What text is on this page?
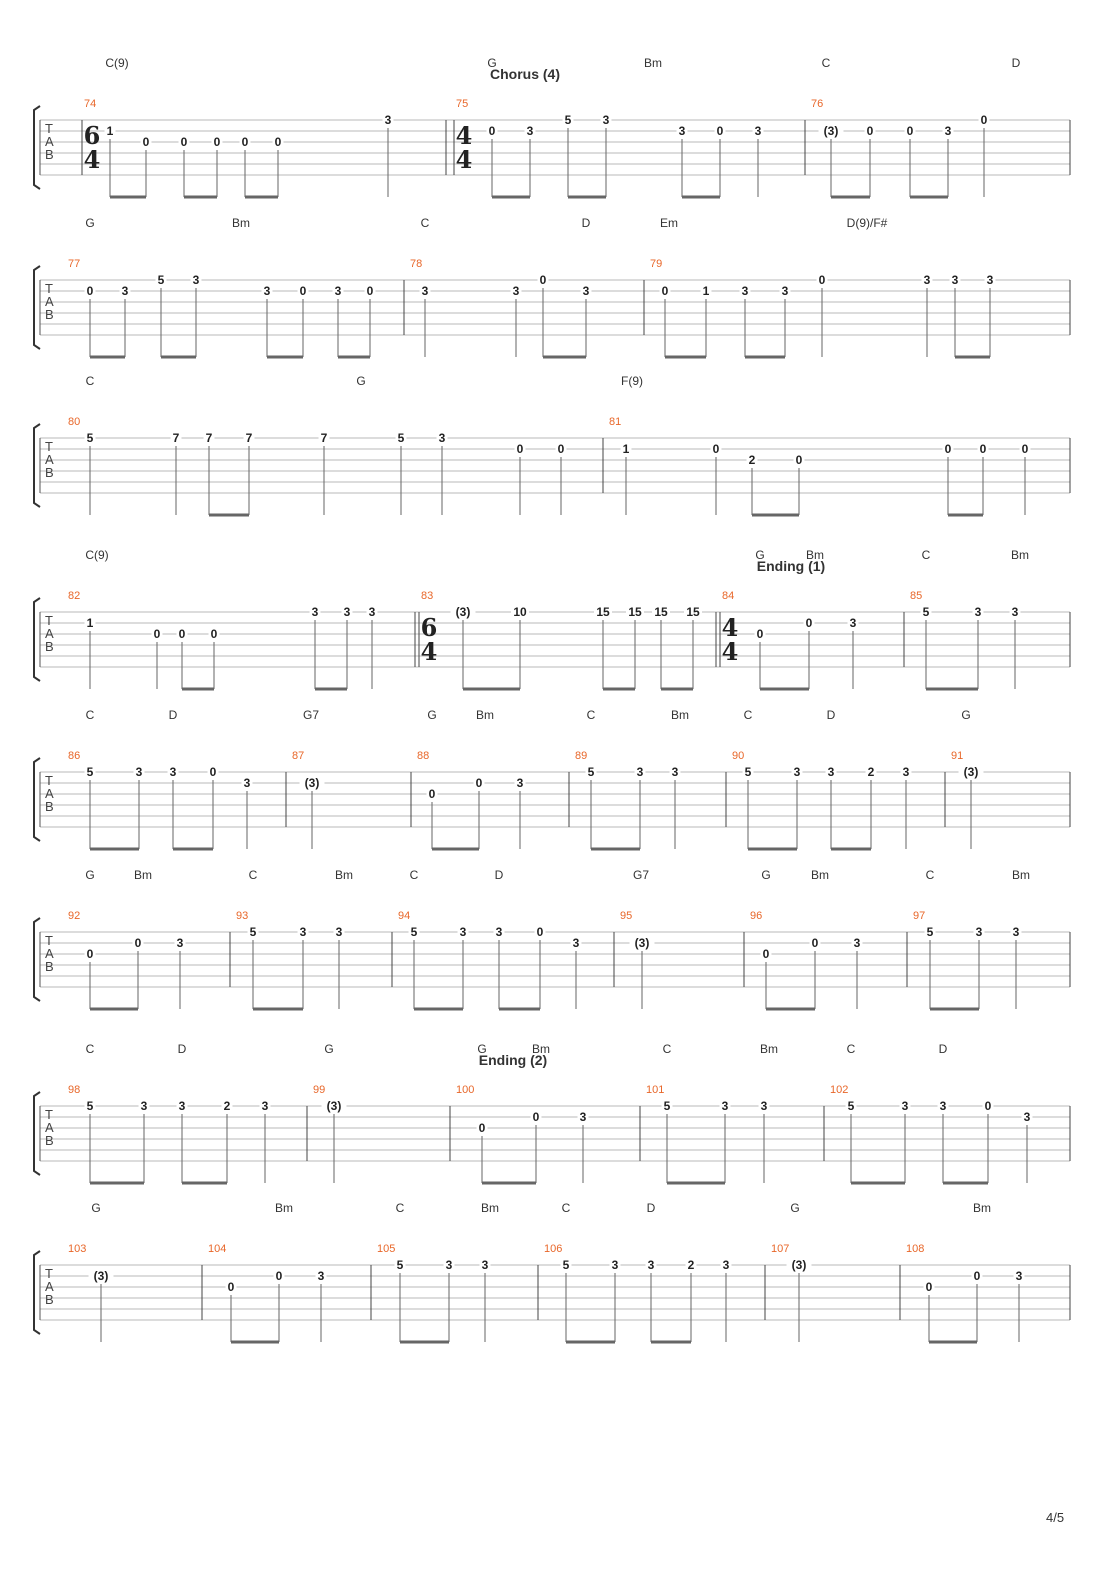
T
A
B
74
6
4
C(9)
1
0	0 0 0 0
3
75
4
4
G	Bm
0	3
5	3
3	0	3
76
C	D
(3) 0	0	3
0
T
A
B
77
G	Bm
0 3
5 3
3 0 3 0
78
C	D
3	3
0
3
79
Em	D(9)/F#
0	1	3	3
0	3 3 3
T
A
B
80
C	G
5	7 7	7	7	5	3
0	0
81
F(9)
1	0
2	0
0 0	0
T
A
B
82
C(9)
1
0 0 0
3 3 3
83
6
4
(3)	10	15 15 15 15
84
4
4
G	Bm
0
0	3
85
C	Bm
5	3	3
T
A
B
86
C	D
5	3 3	0
3
87
G7
(3)
88
G	Bm
0
0	3
89
C	Bm
5	3 3
90
C	D
5	3 3	2 3
91
G
(3)
T
A
B
92
G	Bm
0
0	3
93
C	Bm
5	3 3
94
C	D
5	3 3	0
3
95
G7
(3)
96
G	Bm
0
0	3
97
C	Bm
5	3	3
T
A
B
98
C	D	G
5	3	3	2	3
99
(3)
100
G	Bm
0
0	3
101
C	Bm
5	3	3
102
C	D
5	3	3	0
3
T
A
B
103
G
(3)
104
Bm
0
0	3
105
C	Bm
5	3 3
106
C	D
5	3 3	2 3
107
G
(3)
108
Bm
0
0	3
Chorus (4)
Ending (1)
Ending (2)
4/5
